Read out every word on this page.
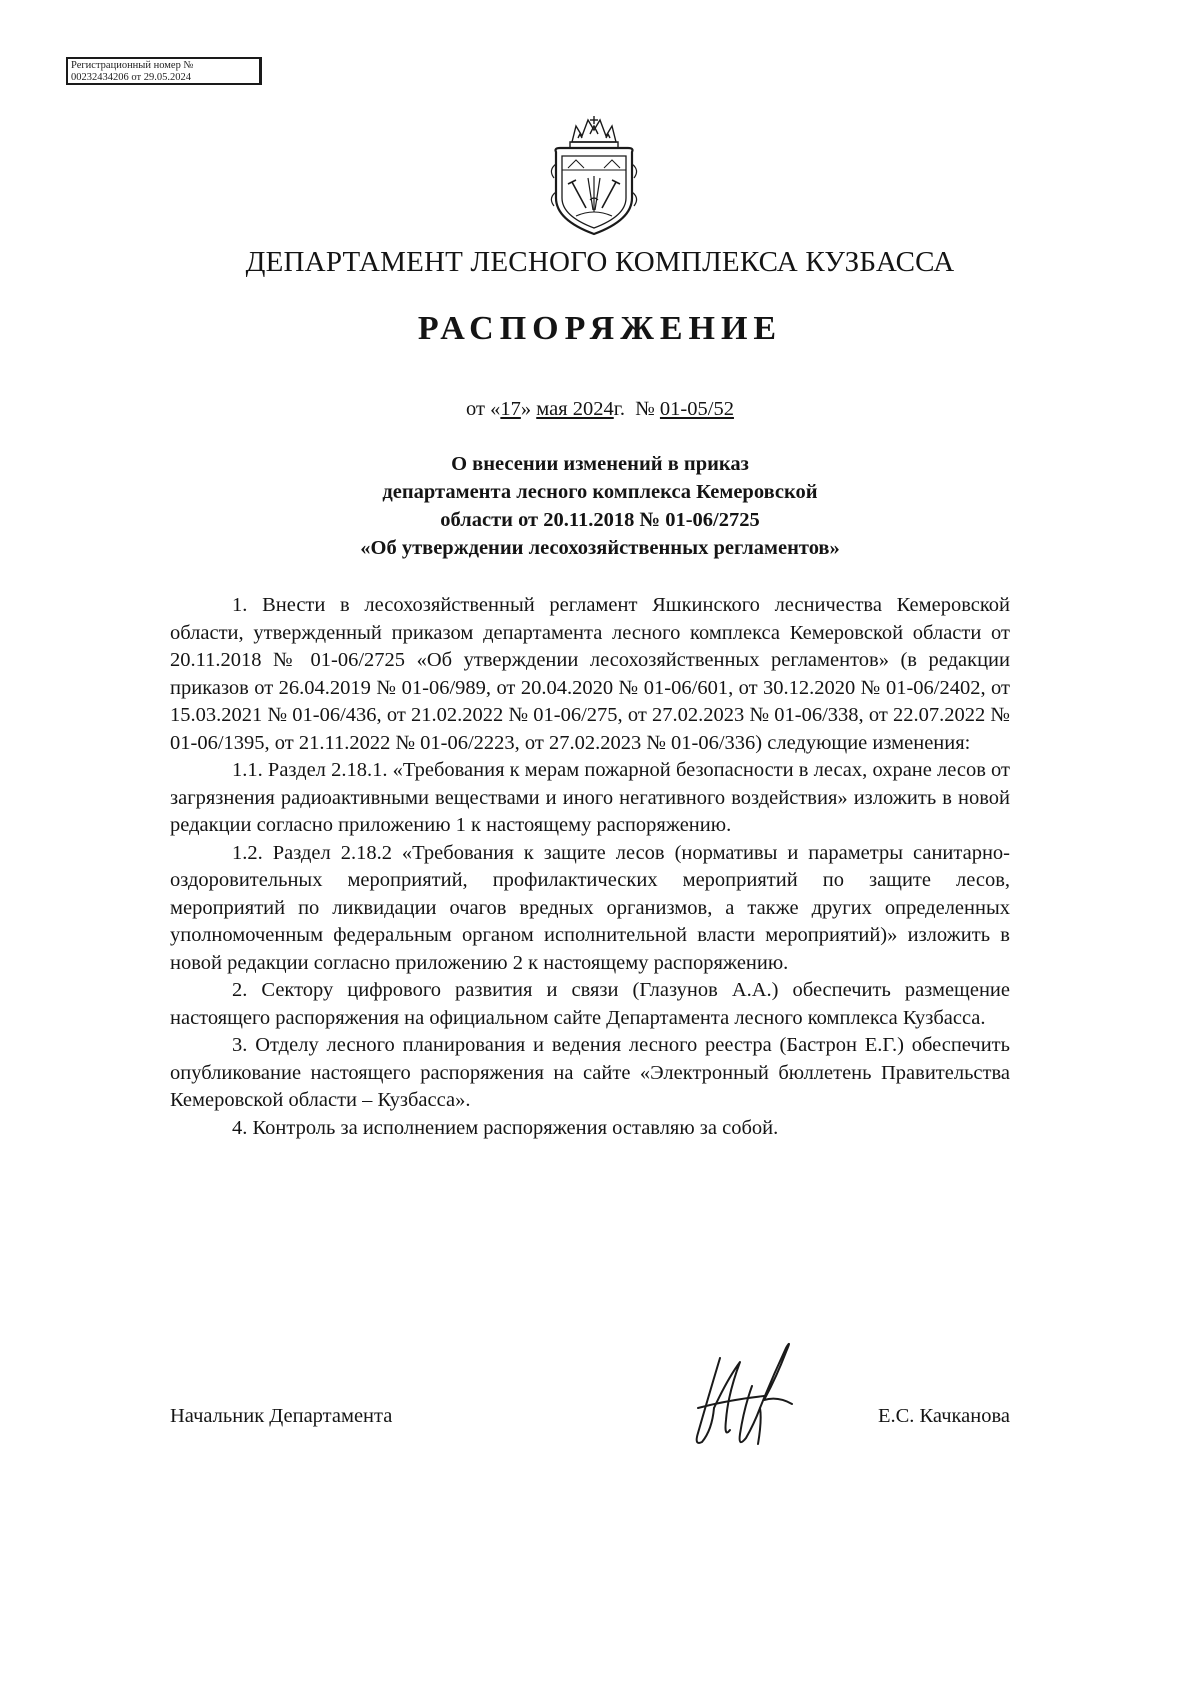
Регистрационный номер №
00232434206 от 29.05.2024
ДЕПАРТАМЕНТ ЛЕСНОГО КОМПЛЕКСА КУЗБАССА
РАСПОРЯЖЕНИЕ
от «17» мая 2024г. № 01-05/52
О внесении изменений в приказ
департамента лесного комплекса Кемеровской
области от 20.11.2018 № 01-06/2725
«Об утверждении лесохозяйственных регламентов»

1. Внести в лесохозяйственный регламент Яшкинского лесничества Кемеровской области, утвержденный приказом департамента лесного комплекса Кемеровской области от 20.11.2018 № 01-06/2725 «Об утверждении лесохозяйственных регламентов» (в редакции приказов от 26.04.2019 № 01-06/989, от 20.04.2020 № 01-06/601, от 30.12.2020 № 01-06/2402, от 15.03.2021 № 01-06/436, от 21.02.2022 № 01-06/275, от 27.02.2023 № 01-06/338, от 22.07.2022 № 01-06/1395, от 21.11.2022 № 01-06/2223, от 27.02.2023 № 01-06/336) следующие изменения:

1.1. Раздел 2.18.1. «Требования к мерам пожарной безопасности в лесах, охране лесов от загрязнения радиоактивными веществами и иного негативного воздействия» изложить в новой редакции согласно приложению 1 к настоящему распоряжению.

1.2. Раздел 2.18.2 «Требования к защите лесов (нормативы и параметры санитарно-оздоровительных мероприятий, профилактических мероприятий по защите лесов, мероприятий по ликвидации очагов вредных организмов, а также других определенных уполномоченным федеральным органом исполнительной власти мероприятий)» изложить в новой редакции согласно приложению 2 к настоящему распоряжению.

2. Сектору цифрового развития и связи (Глазунов А.А.) обеспечить размещение настоящего распоряжения на официальном сайте Департамента лесного комплекса Кузбасса.

3. Отделу лесного планирования и ведения лесного реестра (Бастрон Е.Г.) обеспечить опубликование настоящего распоряжения на сайте «Электронный бюллетень Правительства Кемеровской области – Кузбасса».

4. Контроль за исполнением распоряжения оставляю за собой.

Начальник Департамента	Е.С. Качканова
